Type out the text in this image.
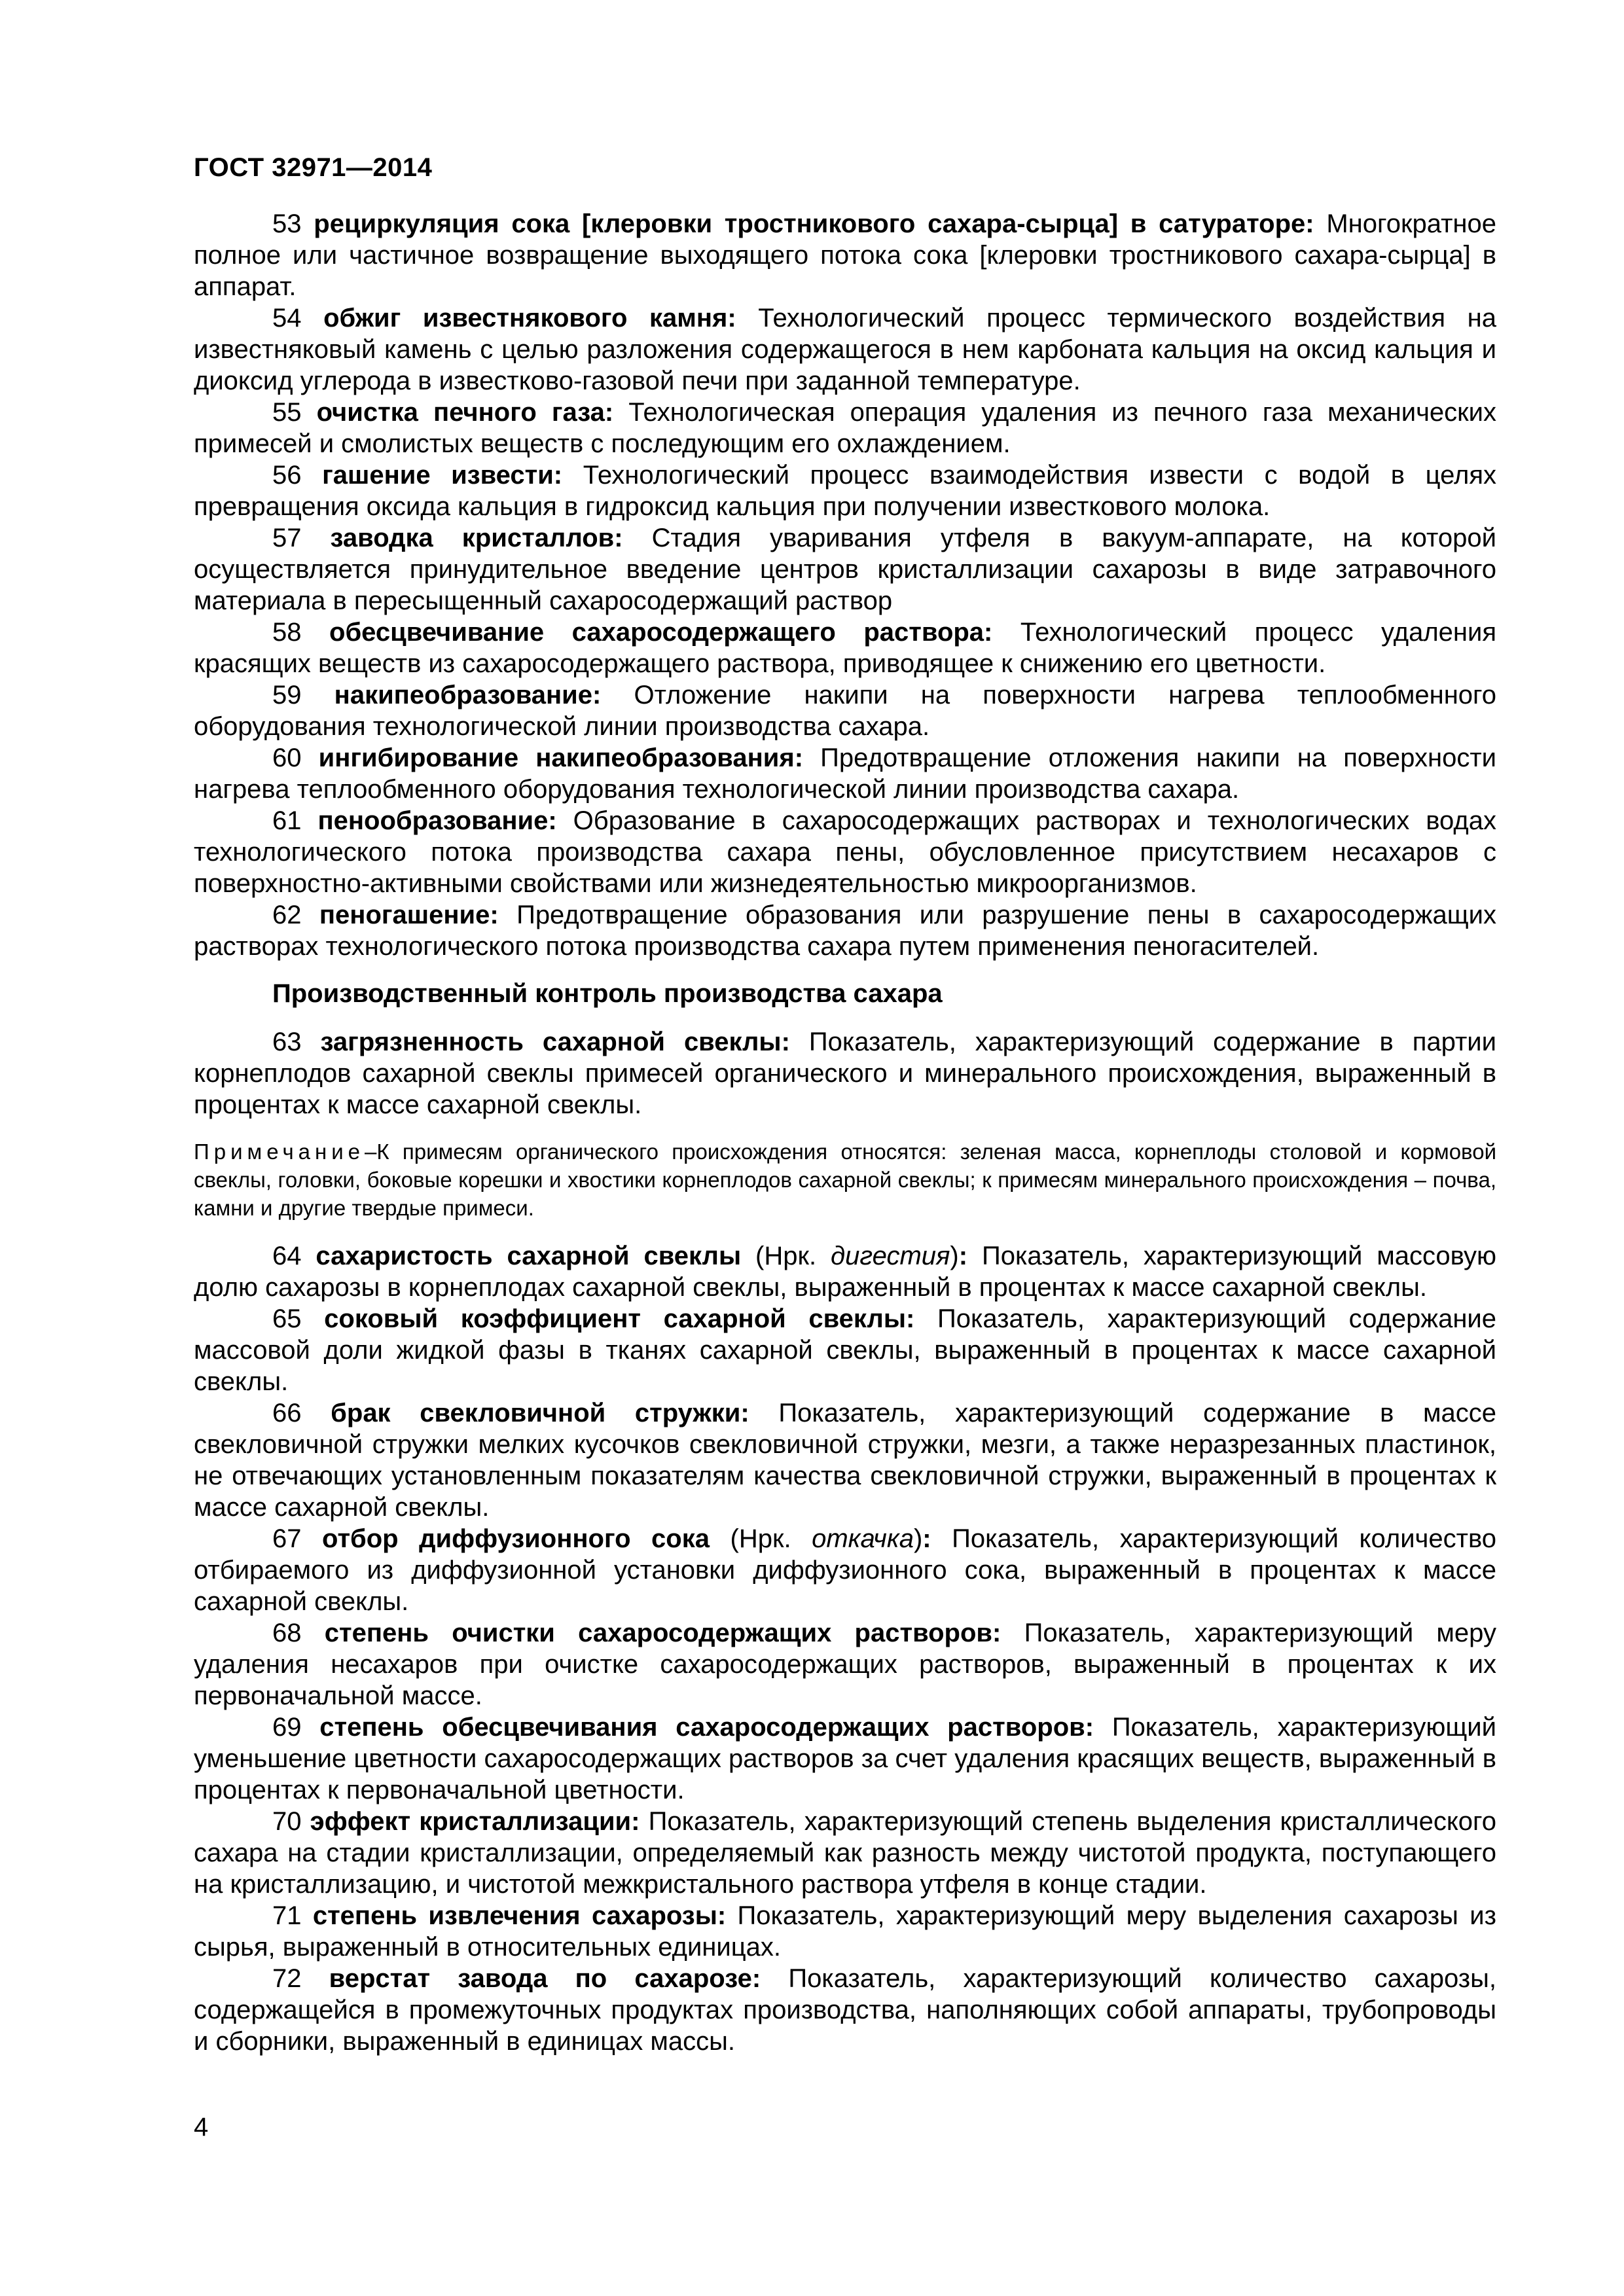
ГОСТ 32971—2014

53 рециркуляция сока [клеровки тростникового сахара-сырца] в сатураторе: Многократное полное или частичное возвращение выходящего потока сока [клеровки тростникового сахара-сырца] в аппарат.

54 обжиг известнякового камня: Технологический процесс термического воздействия на известняковый камень с целью разложения содержащегося в нем карбоната кальция на оксид кальция и диоксид углерода в известково-газовой печи при заданной температуре.

55 очистка печного газа: Технологическая операция удаления из печного газа механических примесей и смолистых веществ с последующим его охлаждением.

56 гашение извести: Технологический процесс взаимодействия извести с водой в целях превращения оксида кальция в гидроксид кальция при получении известкового молока.

57 заводка кристаллов: Стадия уваривания утфеля в вакуум-аппарате, на которой осуществляется принудительное введение центров кристаллизации сахарозы в виде затравочного материала в пересыщенный сахаросодержащий раствор

58 обесцвечивание сахаросодержащего раствора: Технологический процесс удаления красящих веществ из сахаросодержащего раствора, приводящее к снижению его цветности.

59 накипеобразование: Отложение накипи на поверхности нагрева теплообменного оборудования технологической линии производства сахара.

60 ингибирование накипеобразования: Предотвращение отложения накипи на поверхности нагрева теплообменного оборудования технологической линии производства сахара.

61 пенообразование: Образование в сахаросодержащих растворах и технологических водах технологического потока производства сахара пены, обусловленное присутствием несахаров с поверхностно-активными свойствами или жизнедеятельностью микроорганизмов.

62 пеногашение: Предотвращение образования или разрушение пены в сахаросодержащих растворах технологического потока производства сахара путем применения пеногасителей.

Производственный контроль производства сахара

63 загрязненность сахарной свеклы: Показатель, характеризующий содержание в партии корнеплодов сахарной свеклы примесей органического и минерального происхождения, выраженный в процентах к массе сахарной свеклы.

Примечание–К примесям органического происхождения относятся: зеленая масса, корнеплоды столовой и кормовой свеклы, головки, боковые корешки и хвостики корнеплодов сахарной свеклы; к примесям минерального происхождения – почва, камни и другие твердые примеси.

64 сахаристость сахарной свеклы (Нрк. дигестия): Показатель, характеризующий массовую долю сахарозы в корнеплодах сахарной свеклы, выраженный в процентах к массе сахарной свеклы.

65 соковый коэффициент сахарной свеклы: Показатель, характеризующий содержание массовой доли жидкой фазы в тканях сахарной свеклы, выраженный в процентах к массе сахарной свеклы.

66 брак свекловичной стружки: Показатель, характеризующий содержание в массе свекловичной стружки мелких кусочков свекловичной стружки, мезги, а также неразрезанных пластинок, не отвечающих установленным показателям качества свекловичной стружки, выраженный в процентах к массе сахарной свеклы.

67 отбор диффузионного сока (Нрк. откачка): Показатель, характеризующий количество отбираемого из диффузионной установки диффузионного сока, выраженный в процентах к массе сахарной свеклы.

68 степень очистки сахаросодержащих растворов: Показатель, характеризующий меру удаления несахаров при очистке сахаросодержащих растворов, выраженный в процентах к их первоначальной массе.

69 степень обесцвечивания сахаросодержащих растворов: Показатель, характеризующий уменьшение цветности сахаросодержащих растворов за счет удаления красящих веществ, выраженный в процентах к первоначальной цветности.

70 эффект кристаллизации: Показатель, характеризующий степень выделения кристаллического сахара на стадии кристаллизации, определяемый как разность между чистотой продукта, поступающего на кристаллизацию, и чистотой межкристального раствора утфеля в конце стадии.

71 степень извлечения сахарозы: Показатель, характеризующий меру выделения сахарозы из сырья, выраженный в относительных единицах.

72 верстат завода по сахарозе: Показатель, характеризующий количество сахарозы, содержащейся в промежуточных продуктах производства, наполняющих собой аппараты, трубопроводы и сборники, выраженный в единицах массы.

4
